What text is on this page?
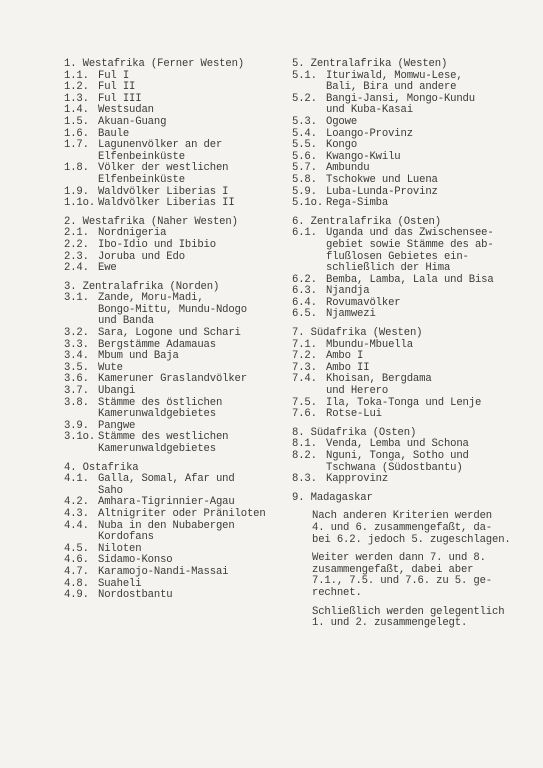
1. Westafrika (Ferner Westen)
1.1. Ful I
1.2. Ful II
1.3. Ful III
1.4. Westsudan
1.5. Akuan-Guang
1.6. Baule
1.7. Lagunenvölker an der
Elfenbeinküste
1.8. Völker der westlichen
Elfenbeinküste
1.9. Waldvölker Liberias I
1.1o. Waldvölker Liberias II
2. Westafrika (Naher Westen)
2.1. Nordnigeria
2.2. Ibo-Idio und Ibibio
2.3. Joruba und Edo
2.4. Ewe
3. Zentralafrika (Norden)
3.1. Zande, Moru-Madi,
Bongo-Mittu, Mundu-Ndogo
und Banda
3.2. Sara, Logone und Schari
3.3. Bergstämme Adamauas
3.4. Mbum und Baja
3.5. Wute
3.6. Kameruner Graslandvölker
3.7. Ubangi
3.8. Stämme des östlichen
Kamerunwaldgebietes
3.9. Pangwe
3.1o. Stämme des westlichen
Kamerunwaldgebietes
4. Ostafrika
4.1. Galla, Somal, Afar und
Saho
4.2. Amhara-Tigrinnier-Agau
4.3. Altnigriter oder Präniloten
4.4. Nuba in den Nubabergen
Kordofans
4.5. Niloten
4.6. Sidamo-Konso
4.7. Karamojo-Nandi-Massai
4.8. Suaheli
4.9. Nordostbantu
5. Zentralafrika (Westen)
5.1. Ituriwald, Momwu-Lese,
Bali, Bira und andere
5.2. Bangi-Jansi, Mongo-Kundu
und Kuba-Kasai
5.3. Ogowe
5.4. Loango-Provinz
5.5. Kongo
5.6. Kwango-Kwilu
5.7. Ambundu
5.8. Tschokwe und Luena
5.9. Luba-Lunda-Provinz
5.1o. Rega-Simba
6. Zentralafrika (Osten)
6.1. Uganda und das Zwischensee-
gebiet sowie Stämme des ab-
flußlosen Gebietes ein-
schließlich der Hima
6.2. Bemba, Lamba, Lala und Bisa
6.3. Njandja
6.4. Rovumavölker
6.5. Njamwezi
7. Südafrika (Westen)
7.1. Mbundu-Mbuella
7.2. Ambo I
7.3. Ambo II
7.4. Khoisan, Bergdama
und Herero
7.5. Ila, Toka-Tonga und Lenje
7.6. Rotse-Lui
8. Südafrika (Osten)
8.1. Venda, Lemba und Schona
8.2. Nguni, Tonga, Sotho und
Tschwana (Südostbantu)
8.3. Kapprovinz
9. Madagaskar
Nach anderen Kriterien werden
4. und 6. zusammengefaßt, da-
bei 6.2. jedoch 5. zugeschlagen.
Weiter werden dann 7. und 8.
zusammengefaßt, dabei aber
7.1., 7.5. und 7.6. zu 5. ge-
rechnet.
Schließlich werden gelegentlich
1. und 2. zusammengelegt.
